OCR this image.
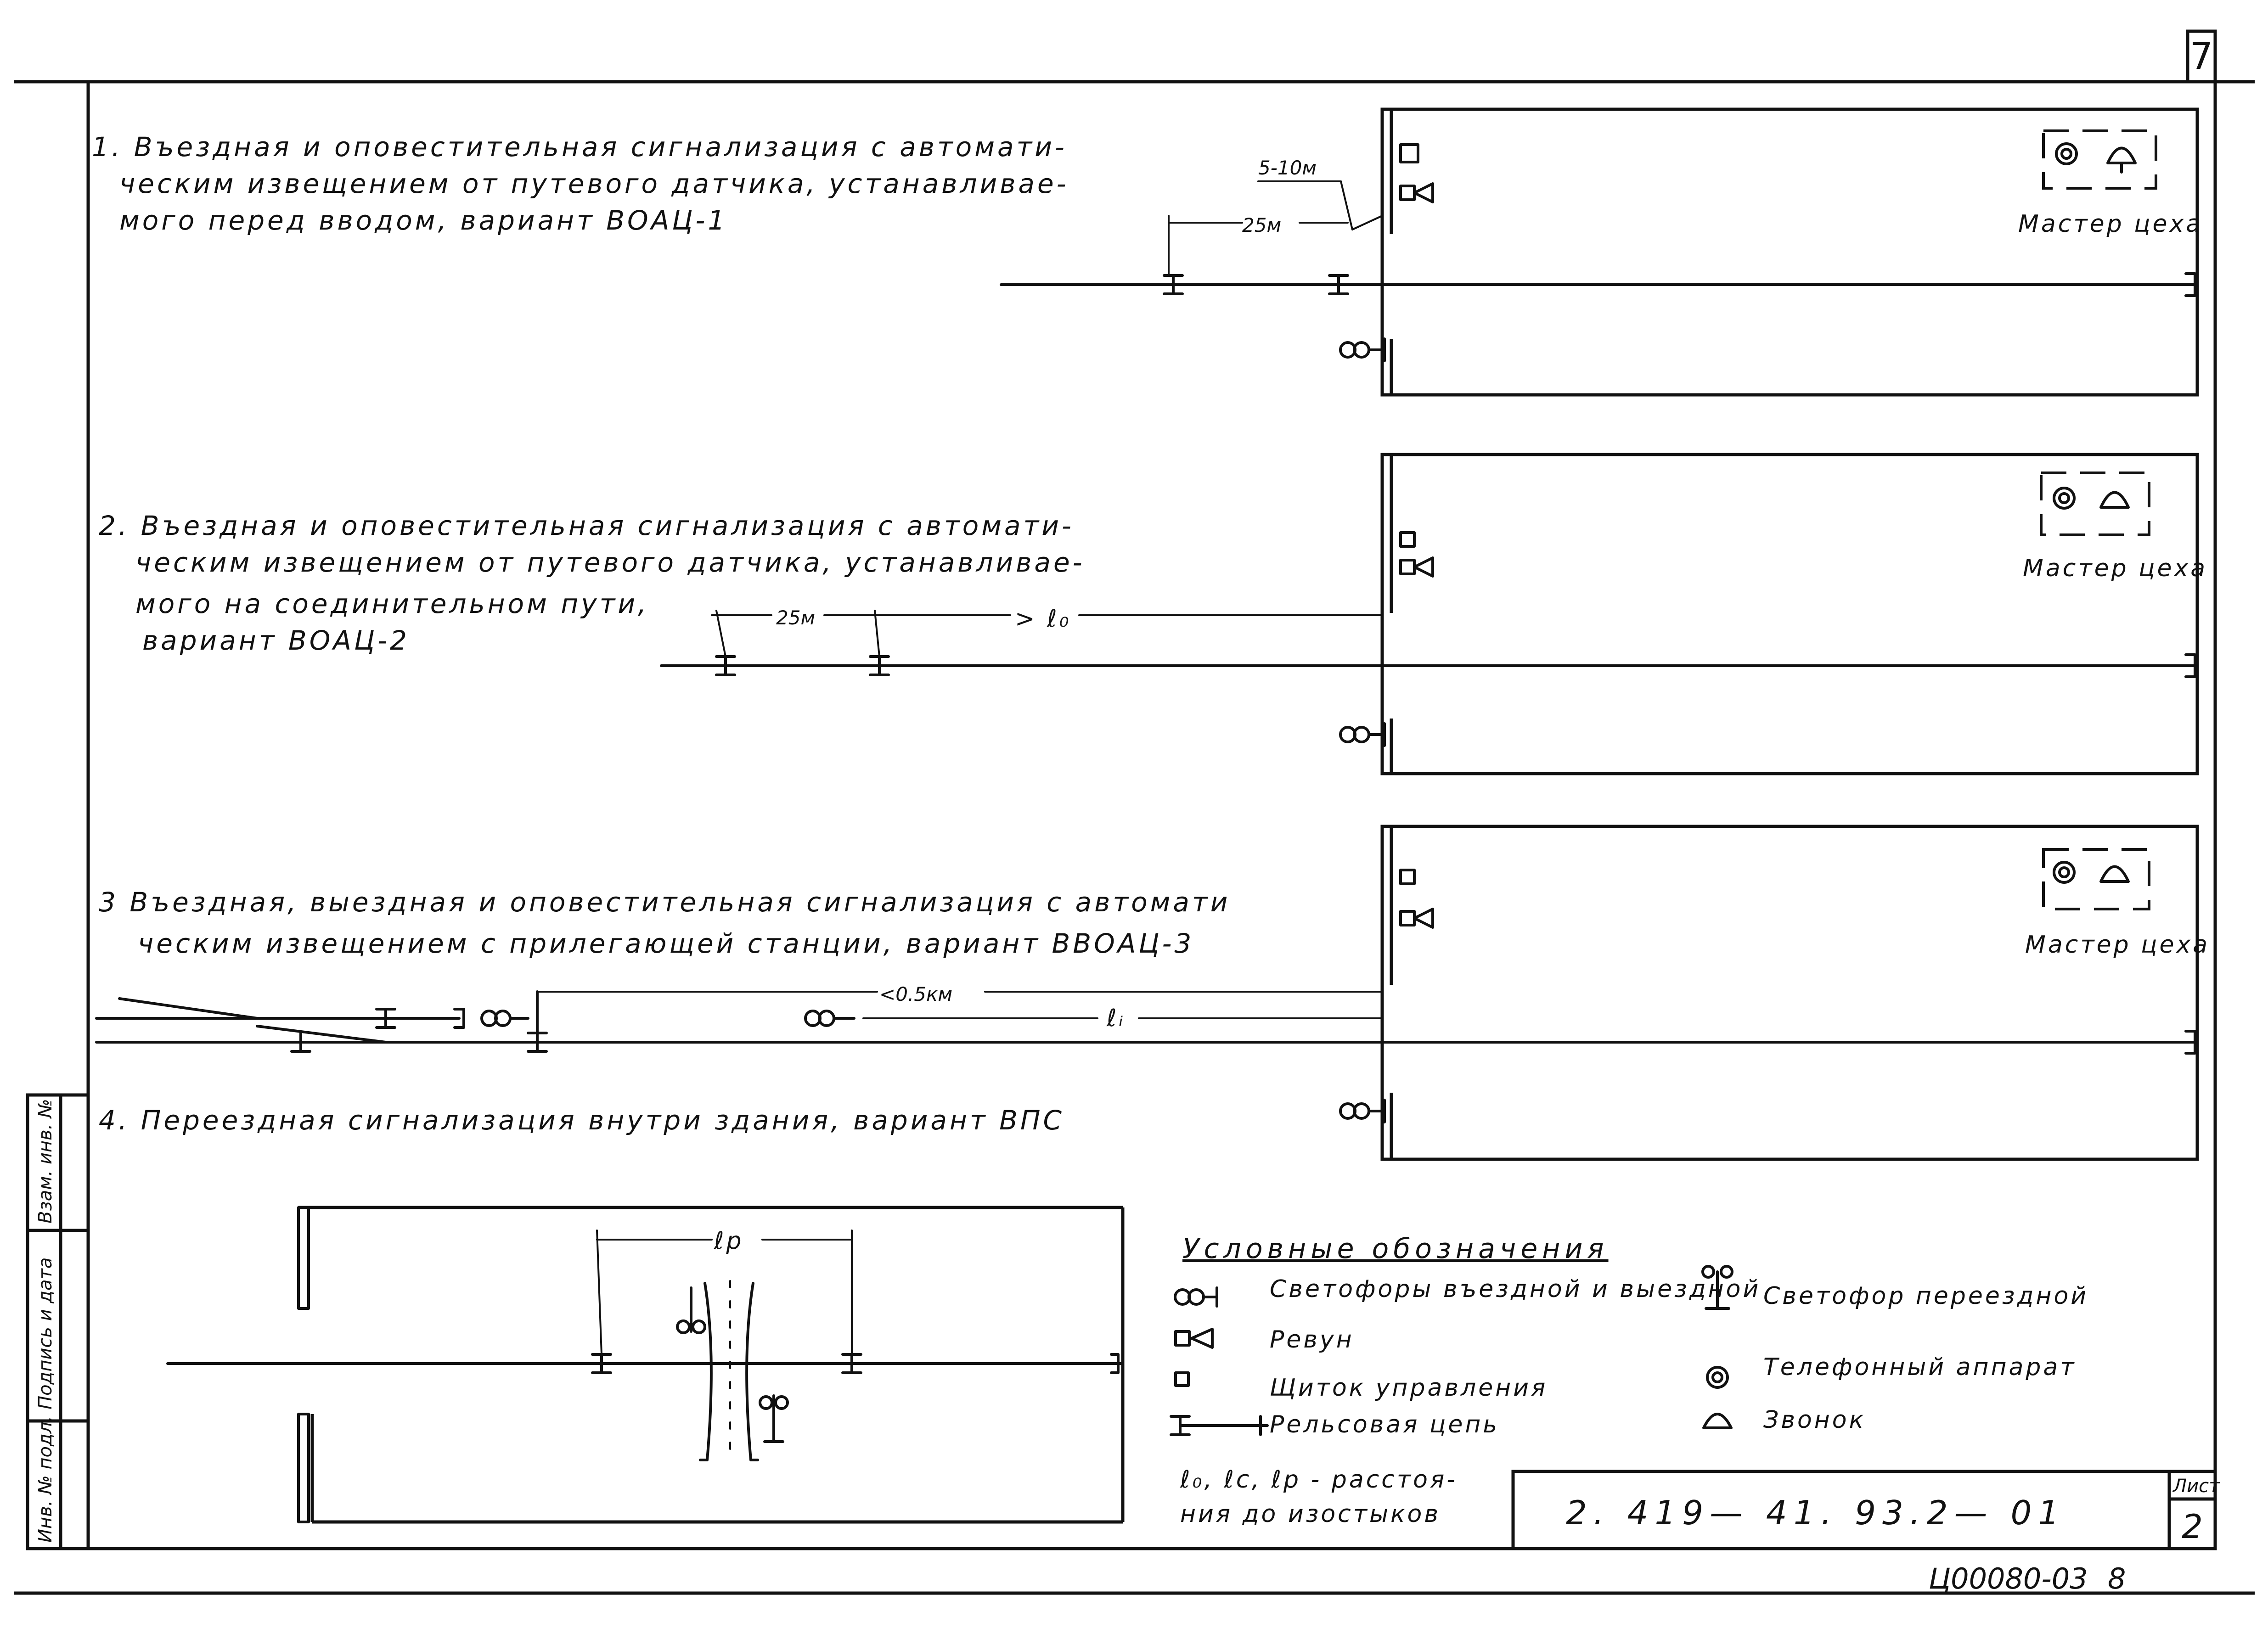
7
Инв. № подл.
Подпись и дата
Взам. инв. №
1. Въездная и оповестительная сигнализация с автомати-
ческим извещением от путевого датчика, устанавливае-
мого перед вводом, вариант ВОАЦ-1	25м
5-10м
Мастер цеха
2. Въездная и оповестительная сигнализация с автомати-
ческим извещением от путевого датчика, устанавливае-
мого на соединительном пути,
вариант ВОАЦ-2
25м	> ℓ₀
Мастер цеха
3 Въездная, выездная и оповестительная сигнализация с автомати
ческим извещением с прилегающей станции, вариант ВВОАЦ-3
<0.5км
ℓᵢ
Мастер цеха
4. Переездная сигнализация внутри здания, вариант ВПС
ℓр	Условные обозначения
Светофоры въездной и выездной
Ревун
Щиток управления
Рельсовая цепь
Светофор переездной
Телефонный аппарат
Звонок
ℓ₀, ℓс, ℓр - расстоя-
ния до изостыков	2. 419— 41. 93.2— 01
Лист
2
Ц00080-03 8
